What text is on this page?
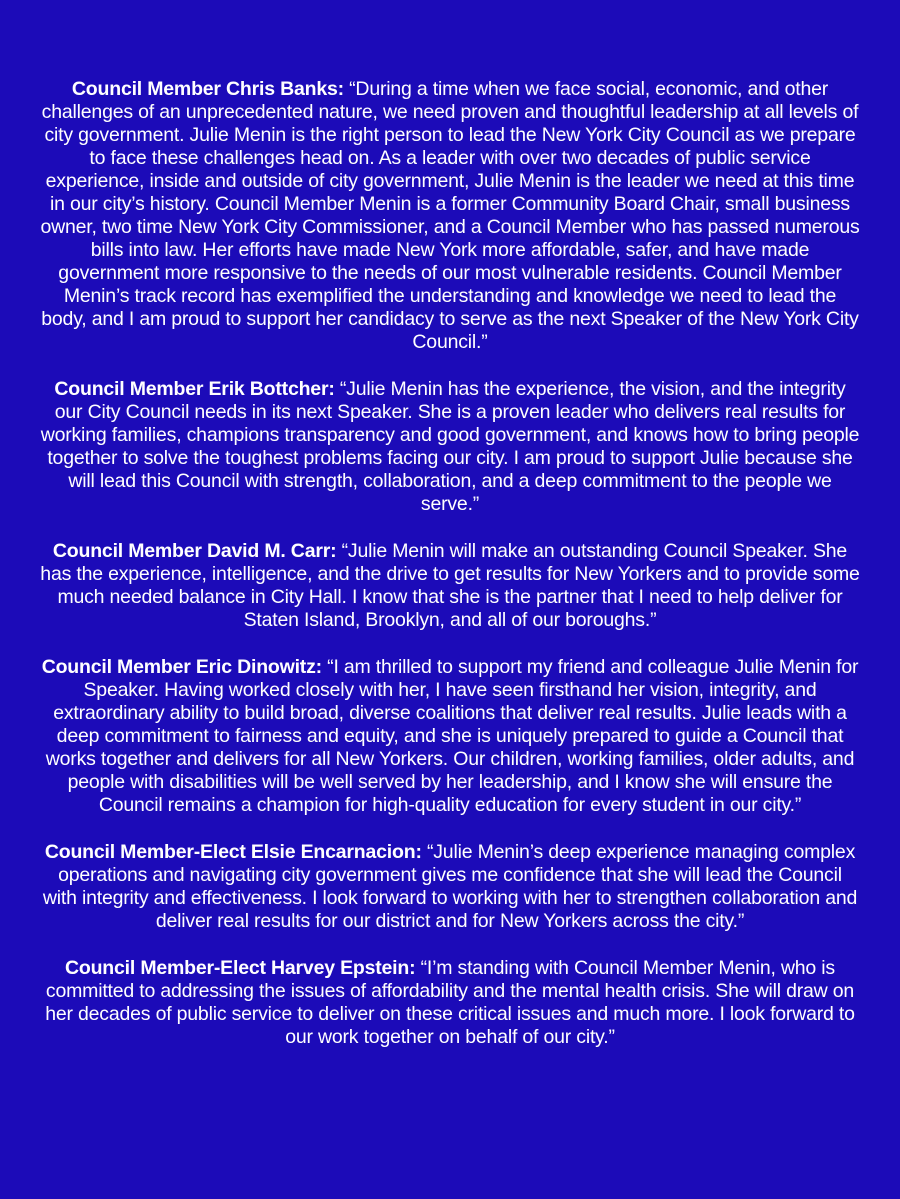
Council Member Chris Banks: “During a time when we face social, economic, and other challenges of an unprecedented nature, we need proven and thoughtful leadership at all levels of city government. Julie Menin is the right person to lead the New York City Council as we prepare to face these challenges head on. As a leader with over two decades of public service experience, inside and outside of city government, Julie Menin is the leader we need at this time in our city’s history. Council Member Menin is a former Community Board Chair, small business owner, two time New York City Commissioner, and a Council Member who has passed numerous bills into law. Her efforts have made New York more affordable, safer, and have made government more responsive to the needs of our most vulnerable residents. Council Member Menin’s track record has exemplified the understanding and knowledge we need to lead the body, and I am proud to support her candidacy to serve as the next Speaker of the New York City Council.”

Council Member Erik Bottcher: “Julie Menin has the experience, the vision, and the integrity our City Council needs in its next Speaker. She is a proven leader who delivers real results for working families, champions transparency and good government, and knows how to bring people together to solve the toughest problems facing our city. I am proud to support Julie because she will lead this Council with strength, collaboration, and a deep commitment to the people we serve.”

Council Member David M. Carr: “Julie Menin will make an outstanding Council Speaker. She has the experience, intelligence, and the drive to get results for New Yorkers and to provide some much needed balance in City Hall. I know that she is the partner that I need to help deliver for Staten Island, Brooklyn, and all of our boroughs.”

Council Member Eric Dinowitz: “I am thrilled to support my friend and colleague Julie Menin for Speaker. Having worked closely with her, I have seen firsthand her vision, integrity, and extraordinary ability to build broad, diverse coalitions that deliver real results. Julie leads with a deep commitment to fairness and equity, and she is uniquely prepared to guide a Council that works together and delivers for all New Yorkers. Our children, working families, older adults, and people with disabilities will be well served by her leadership, and I know she will ensure the Council remains a champion for high-quality education for every student in our city.”

Council Member-Elect Elsie Encarnacion: “Julie Menin’s deep experience managing complex operations and navigating city government gives me confidence that she will lead the Council with integrity and effectiveness. I look forward to working with her to strengthen collaboration and deliver real results for our district and for New Yorkers across the city.”

Council Member-Elect Harvey Epstein: “I’m standing with Council Member Menin, who is committed to addressing the issues of affordability and the mental health crisis. She will draw on her decades of public service to deliver on these critical issues and much more. I look forward to our work together on behalf of our city.”
